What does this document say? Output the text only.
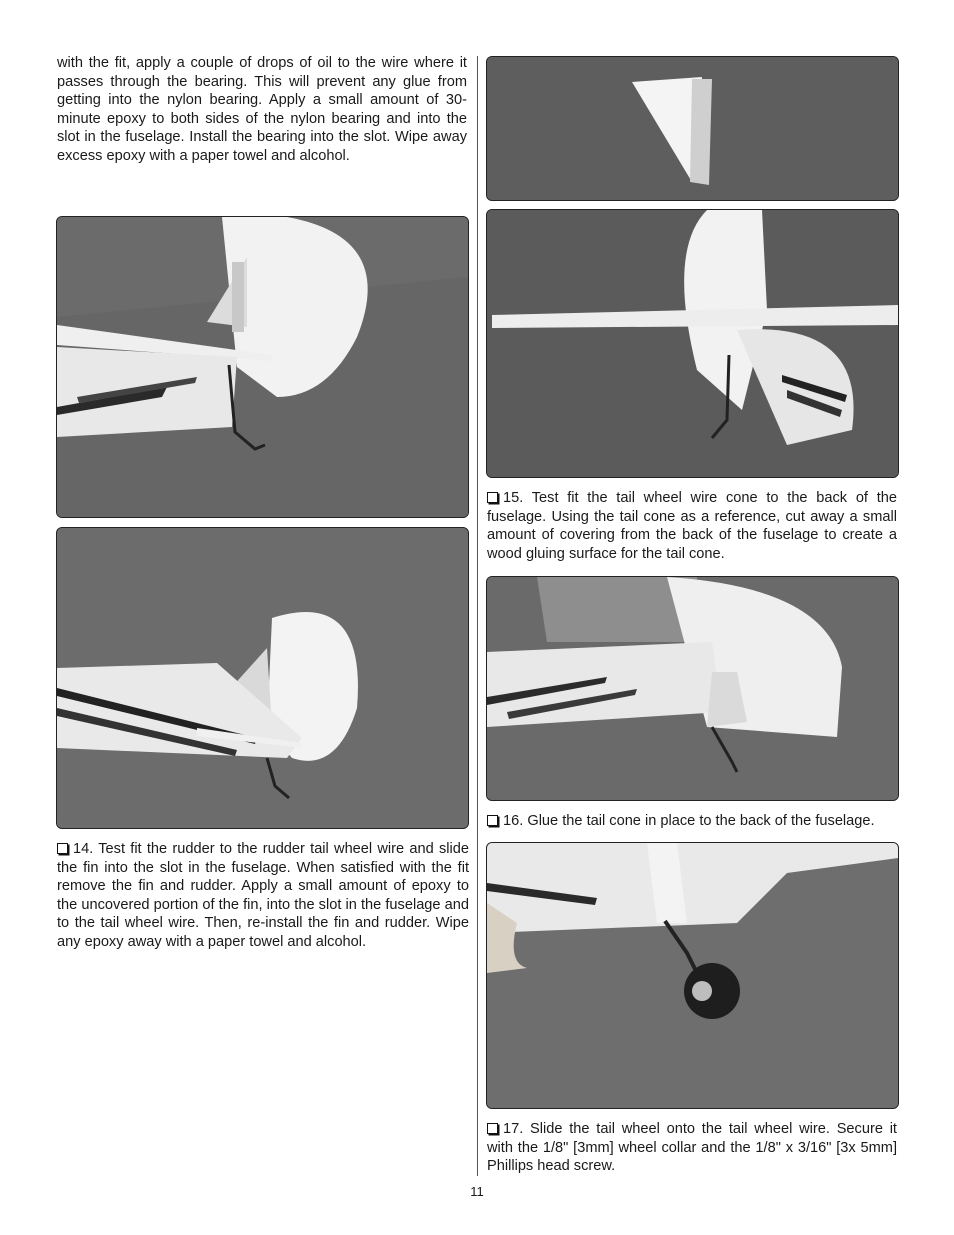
with the fit, apply a couple of drops of oil to the wire where it passes through the bearing. This will prevent any glue from getting into the nylon bearing. Apply a small amount of 30-minute epoxy to both sides of the nylon bearing and into the slot in the fuselage. Install the bearing into the slot. Wipe away excess epoxy with a paper towel and alcohol.

14. Test fit the rudder to the rudder tail wheel wire and slide the fin into the slot in the fuselage. When satisfied with the fit remove the fin and rudder. Apply a small amount of epoxy to the uncovered portion of the fin, into the slot in the fuselage and to the tail wheel wire. Then, re-install the fin and rudder. Wipe any epoxy away with a paper towel and alcohol.

15. Test fit the tail wheel wire cone to the back of the fuselage. Using the tail cone as a reference, cut away a small amount of covering from the back of the fuselage to create a wood gluing surface for the tail cone.

16. Glue the tail cone in place to the back of the fuselage.

17. Slide the tail wheel onto the tail wheel wire. Secure it with the 1/8" [3mm] wheel collar and the 1/8" x 3/16" [3x 5mm] Phillips head screw.

11
